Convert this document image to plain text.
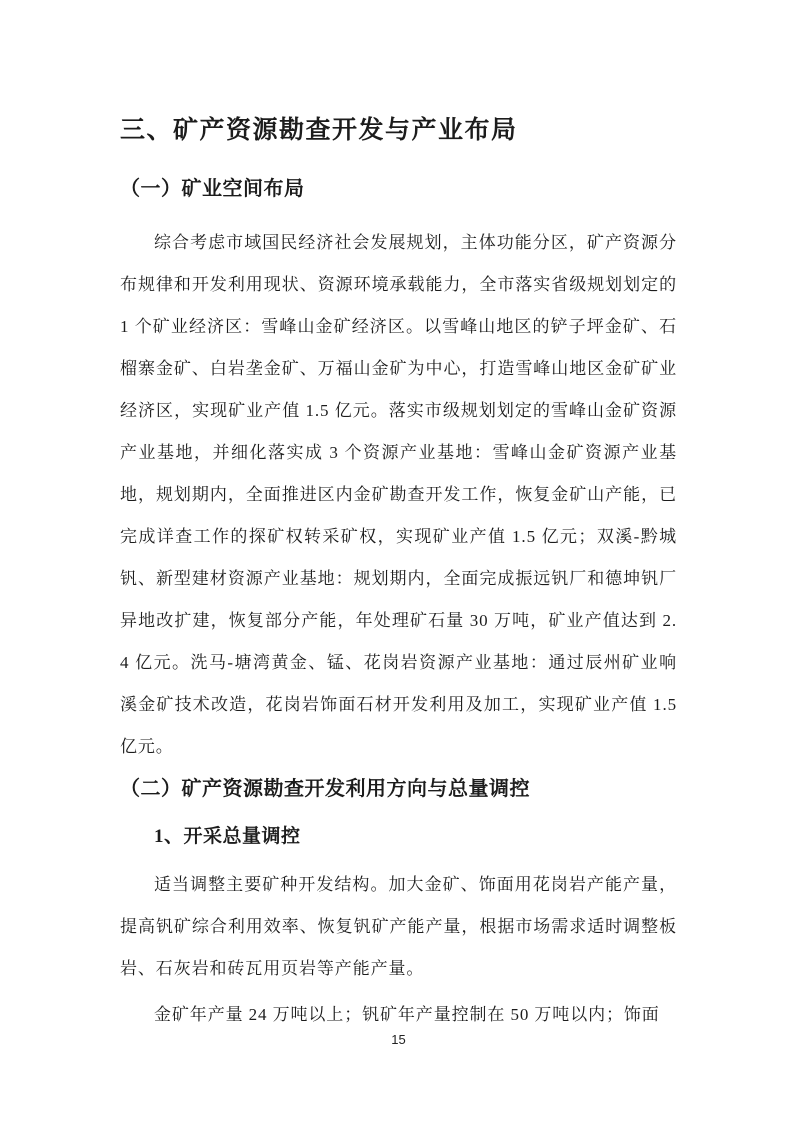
三、矿产资源勘查开发与产业布局
（一）矿业空间布局

综合考虑市域国民经济社会发展规划，主体功能分区，矿产资源分布规律和开发利用现状、资源环境承载能力，全市落实省级规划划定的 1 个矿业经济区：雪峰山金矿经济区。以雪峰山地区的铲子坪金矿、石榴寨金矿、白岩垄金矿、万福山金矿为中心，打造雪峰山地区金矿矿业经济区，实现矿业产值 1.5 亿元。落实市级规划划定的雪峰山金矿资源产业基地，并细化落实成 3 个资源产业基地：雪峰山金矿资源产业基地，规划期内，全面推进区内金矿勘查开发工作，恢复金矿山产能，已完成详查工作的探矿权转采矿权，实现矿业产值 1.5 亿元；双溪-黔城钒、新型建材资源产业基地：规划期内，全面完成振远钒厂和德坤钒厂异地改扩建，恢复部分产能，年处理矿石量 30 万吨，矿业产值达到 2.4 亿元。洗马-塘湾黄金、锰、花岗岩资源产业基地：通过辰州矿业响溪金矿技术改造，花岗岩饰面石材开发利用及加工，实现矿业产值 1.5 亿元。

（二）矿产资源勘查开发利用方向与总量调控
1、开采总量调控

适当调整主要矿种开发结构。加大金矿、饰面用花岗岩产能产量，提高钒矿综合利用效率、恢复钒矿产能产量，根据市场需求适时调整板岩、石灰岩和砖瓦用页岩等产能产量。

金矿年产量 24 万吨以上；钒矿年产量控制在 50 万吨以内；饰面

15
